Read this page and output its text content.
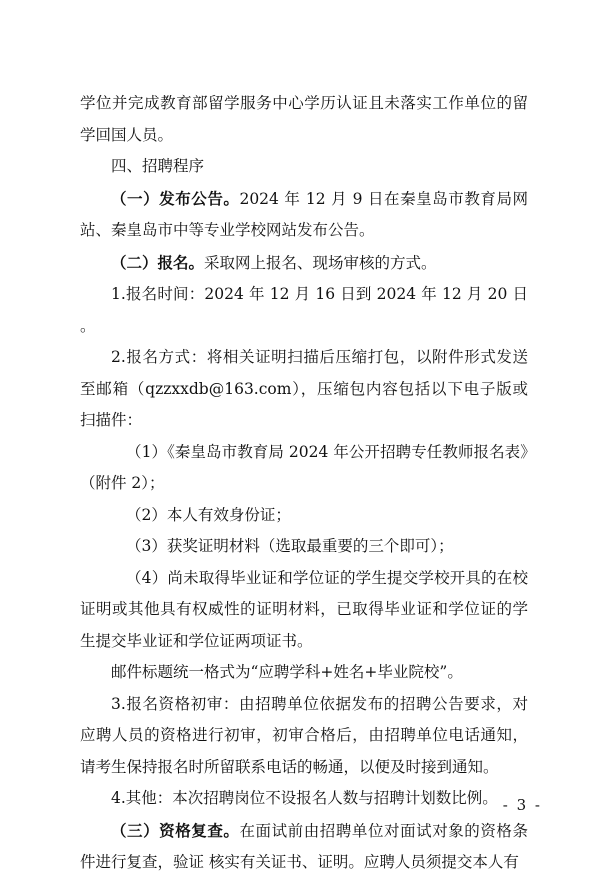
学位并完成教育部留学服务中心学历认证且未落实工作单位的留学回国人员。

四、招聘程序

（一）发布公告。2024 年 12 月 9 日在秦皇岛市教育局网站、秦皇岛市中等专业学校网站发布公告。

（二）报名。采取网上报名、现场审核的方式。

1.报名时间：2024 年 12 月 16 日到 2024 年 12 月 20 日 。

2.报名方式：将相关证明扫描后压缩打包，以附件形式发送至邮箱（qzzxxdb@163.com），压缩包内容包括以下电子版或扫描件：

（1）《秦皇岛市教育局 2024 年公开招聘专任教师报名表》（附件 2）；

（2）本人有效身份证；

（3）获奖证明材料（选取最重要的三个即可）；

（4）尚未取得毕业证和学位证的学生提交学校开具的在校证明或其他具有权威性的证明材料，已取得毕业证和学位证的学生提交毕业证和学位证两项证书。

邮件标题统一格式为“应聘学科+姓名+毕业院校”。

3.报名资格初审：由招聘单位依据发布的招聘公告要求，对应聘人员的资格进行初审，初审合格后，由招聘单位电话通知，请考生保持报名时所留联系电话的畅通，以便及时接到通知。

4.其他：本次招聘岗位不设报名人数与招聘计划数比例。

（三）资格复查。在面试前由招聘单位对面试对象的资格条件进行复查，验证 核实有关证书、证明。应聘人员须提交本人有

- 3 -
